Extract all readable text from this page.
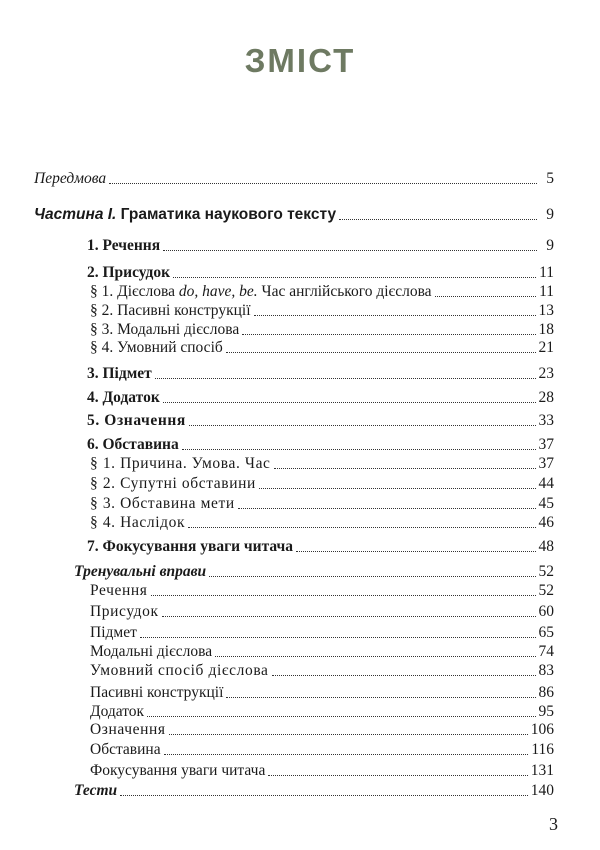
ЗМІСТ
Передмова	5
Частина І. Граматика наукового тексту	9
1. Речення	9
2. Присудок	11
§ 1. Дієслова do, have, be. Час англійського дієслова	11
§ 2. Пасивні конструкції	13
§ 3. Модальні дієслова	18
§ 4. Умовний спосіб	21
3. Підмет	23
4. Додаток	28
5. Означення	33
6. Обставина	37
§ 1. Причина. Умова. Час	37
§ 2. Супутні обставини	44
§ 3. Обставина мети	45
§ 4. Наслідок	46
7. Фокусування уваги читача	48
Тренувальні вправи	52
Речення	52
Присудок	60
Підмет	65
Модальні дієслова	74
Умовний спосіб дієслова	83
Пасивні конструкції	86
Додаток	95
Означення	106
Обставина	116
Фокусування уваги читача	131
Тести	140
3
